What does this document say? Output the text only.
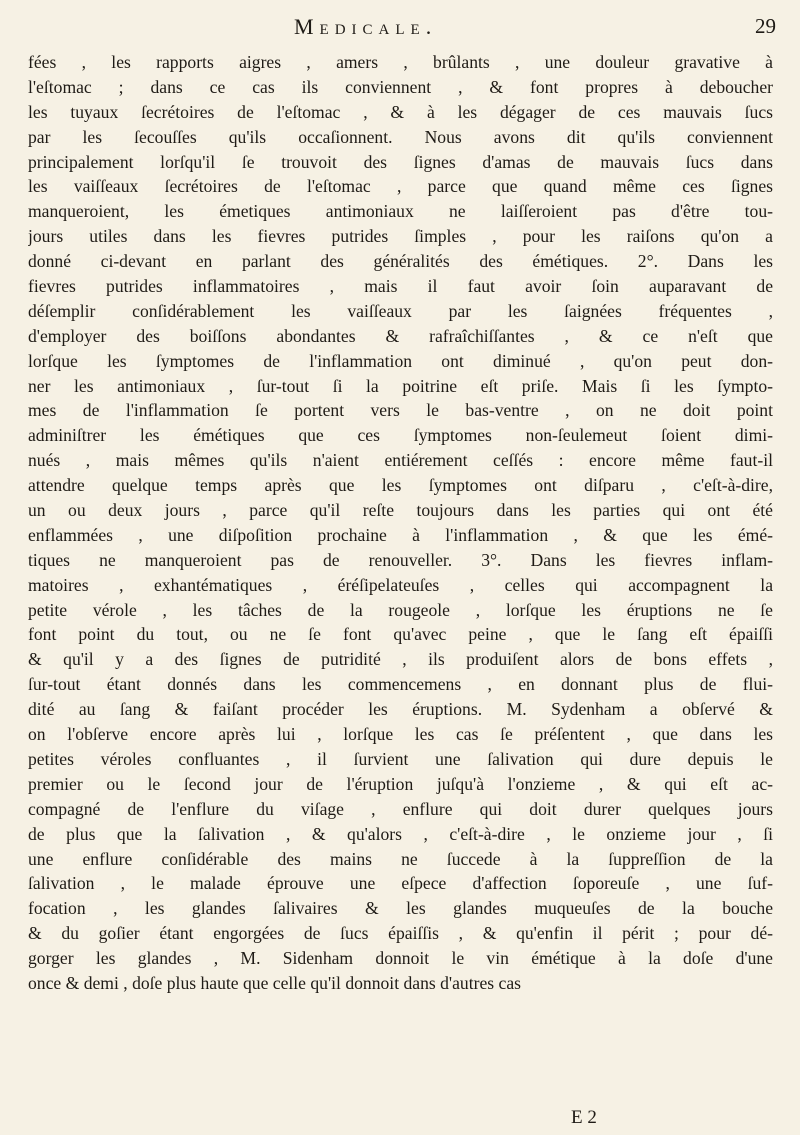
Medicale.	29
fées , les rapports aigres , amers , brûlants , une douleur gravative à
l'eſtomac ; dans ce cas ils conviennent , & font propres à deboucher
les tuyaux ſecrétoires de l'eſtomac , & à les dégager de ces mauvais ſucs
par les ſecouſſes qu'ils occaſionnent. Nous avons dit qu'ils conviennent
principalement lorſqu'il ſe trouvoit des ſignes d'amas de mauvais ſucs dans
les vaiſſeaux ſecrétoires de l'eſtomac , parce que quand même ces ſignes
manqueroient, les émetiques antimoniaux ne laiſſeroient pas d'être tou-
jours utiles dans les fievres putrides ſimples , pour les raiſons qu'on a
donné ci-devant en parlant des généralités des émétiques. 2°. Dans les
fievres putrides inflammatoires , mais il faut avoir ſoin auparavant de
déſemplir conſidérablement les vaiſſeaux par les ſaignées fréquentes ,
d'employer des boiſſons abondantes & rafraîchiſſantes , & ce n'eſt que
lorſque les ſymptomes de l'inflammation ont diminué , qu'on peut don-
ner les antimoniaux , ſur-tout ſi la poitrine eſt priſe. Mais ſi les ſympto-
mes de l'inflammation ſe portent vers le bas-ventre , on ne doit point
adminiſtrer les émétiques que ces ſymptomes non-ſeulemeut ſoient dimi-
nués , mais mêmes qu'ils n'aient entiérement ceſſés : encore même faut-il
attendre quelque temps après que les ſymptomes ont diſparu , c'eſt-à-dire,
un ou deux jours , parce qu'il reſte toujours dans les parties qui ont été
enflammées , une diſpoſition prochaine à l'inflammation , & que les émé-
tiques ne manqueroient pas de renouveller. 3°. Dans les fievres inflam-
matoires , exhantématiques , éréſipelateuſes , celles qui accompagnent la
petite vérole , les tâches de la rougeole , lorſque les éruptions ne ſe
font point du tout, ou ne ſe font qu'avec peine , que le ſang eſt épaiſſi
& qu'il y a des ſignes de putridité , ils produiſent alors de bons effets ,
ſur-tout étant donnés dans les commencemens , en donnant plus de flui-
dité au ſang & faiſant procéder les éruptions. M. Sydenham a obſervé &
on l'obſerve encore après lui , lorſque les cas ſe préſentent , que dans les
petites véroles confluantes , il ſurvient une ſalivation qui dure depuis le
premier ou le ſecond jour de l'éruption juſqu'à l'onzieme , & qui eſt ac-
compagné de l'enflure du viſage , enflure qui doit durer quelques jours
de plus que la ſalivation , & qu'alors , c'eſt-à-dire , le onzieme jour , ſi
une enflure conſidérable des mains ne ſuccede à la ſuppreſſion de la
ſalivation , le malade éprouve une eſpece d'affection ſoporeuſe , une ſuf-
focation , les glandes ſalivaires & les glandes muqueuſes de la bouche
& du goſier étant engorgées de ſucs épaiſſis , & qu'enfin il périt ; pour dé-
gorger les glandes , M. Sidenham donnoit le vin émétique à la doſe d'une
once & demi , doſe plus haute que celle qu'il donnoit dans d'autres cas
E 2
